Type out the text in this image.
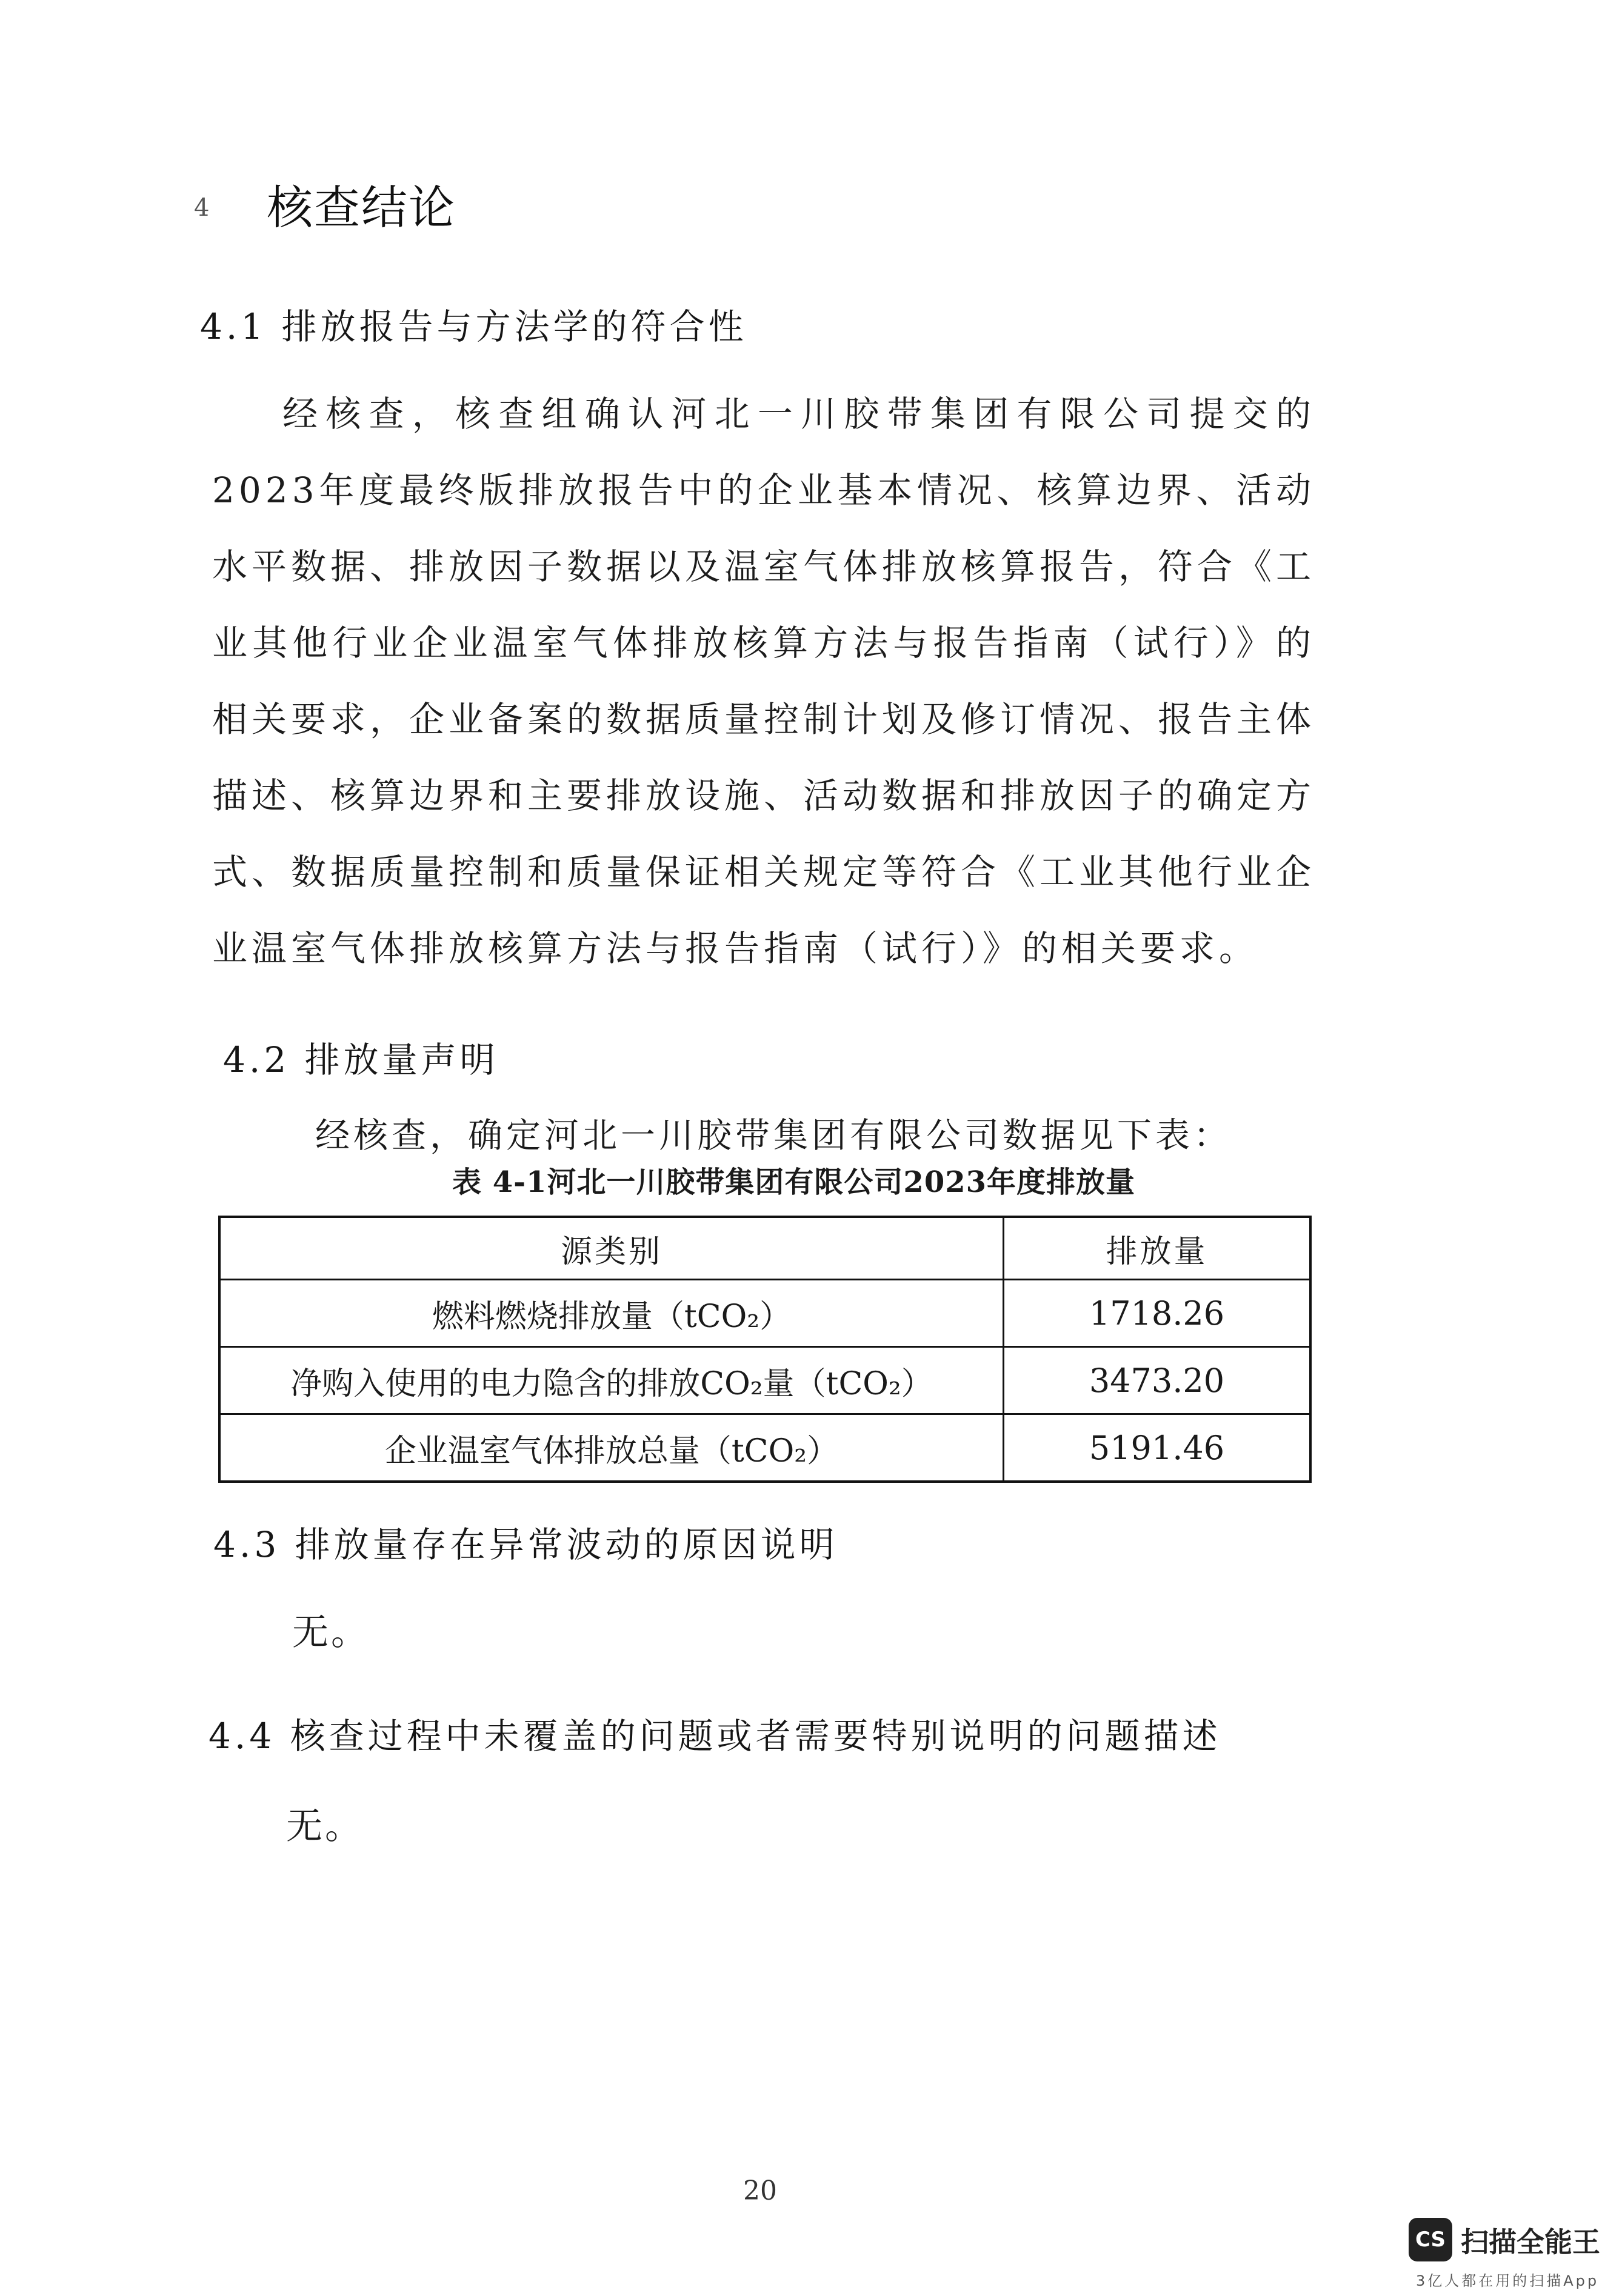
4 核查结论
4.1 排放报告与方法学的符合性

经核查，核查组确认河北一川胶带集团有限公司提交的2023年度最终版排放报告中的企业基本情况、核算边界、活动水平数据、排放因子数据以及温室气体排放核算报告，符合《工业其他行业企业温室气体排放核算方法与报告指南（试行）》的相关要求，企业备案的数据质量控制计划及修订情况、报告主体描述、核算边界和主要排放设施、活动数据和排放因子的确定方式、数据质量控制和质量保证相关规定等符合《工业其他行业企业温室气体排放核算方法与报告指南（试行）》的相关要求。

4.2 排放量声明
经核查，确定河北一川胶带集团有限公司数据见下表：
表 4-1河北一川胶带集团有限公司2023年度排放量
源类别	排放量
燃料燃烧排放量（tCO₂）	1718.26
净购入使用的电力隐含的排放CO₂量（tCO₂）	3473.20
企业温室气体排放总量（tCO₂）	5191.46
4.3 排放量存在异常波动的原因说明
无。
4.4 核查过程中未覆盖的问题或者需要特别说明的问题描述
无。
20
CS 扫描全能王
3亿人都在用的扫描App
